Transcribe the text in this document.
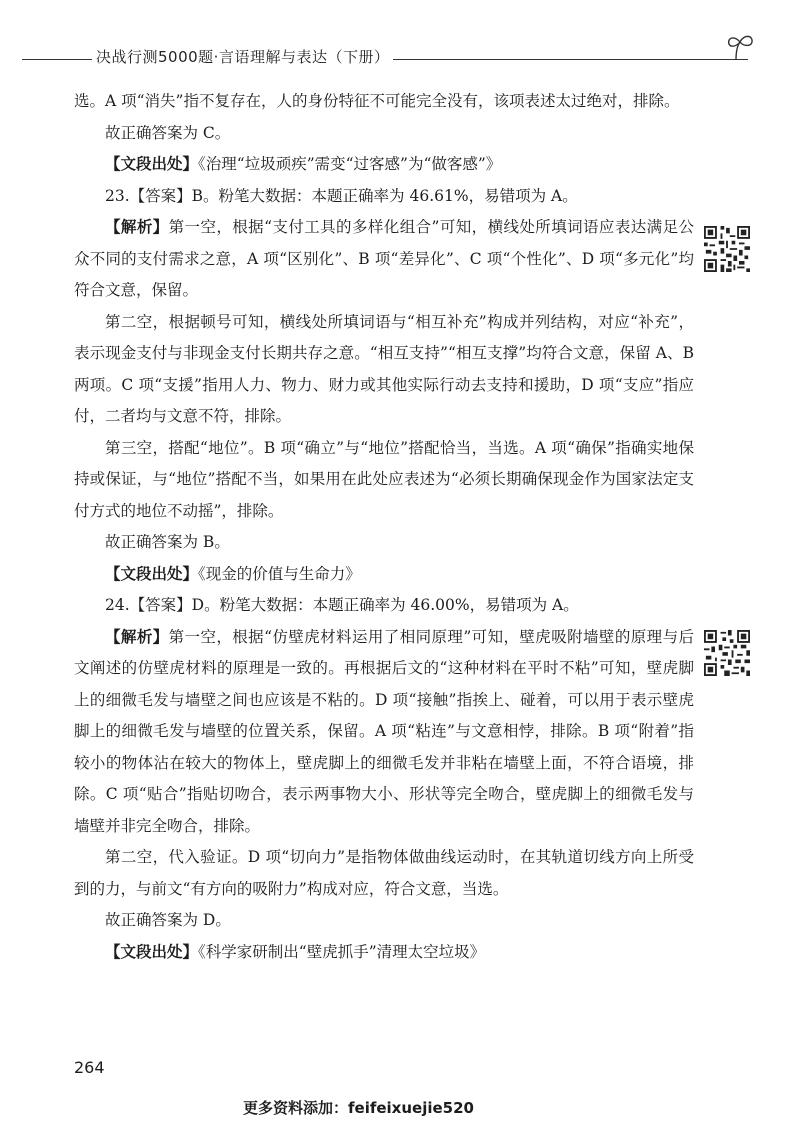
决战行测5000题·言语理解与表达（下册）

选。A 项“消失”指不复存在，人的身份特征不可能完全没有，该项表述太过绝对，排除。

故正确答案为 C。

【文段出处】《治理“垃圾顽疾”需变“过客感”为“做客感”》

23.【答案】B。粉笔大数据：本题正确率为 46.61%，易错项为 A。

【解析】第一空，根据“支付工具的多样化组合”可知，横线处所填词语应表达满足公众不同的支付需求之意，A 项“区别化”、B 项“差异化”、C 项“个性化”、D 项“多元化”均符合文意，保留。

第二空，根据顿号可知，横线处所填词语与“相互补充”构成并列结构，对应“补充”，表示现金支付与非现金支付长期共存之意。“相互支持”“相互支撑”均符合文意，保留 A、B 两项。C 项“支援”指用人力、物力、财力或其他实际行动去支持和援助，D 项“支应”指应付，二者均与文意不符，排除。

第三空，搭配“地位”。B 项“确立”与“地位”搭配恰当，当选。A 项“确保”指确实地保持或保证，与“地位”搭配不当，如果用在此处应表述为“必须长期确保现金作为国家法定支付方式的地位不动摇”，排除。

故正确答案为 B。

【文段出处】《现金的价值与生命力》

24.【答案】D。粉笔大数据：本题正确率为 46.00%，易错项为 A。

【解析】第一空，根据“仿壁虎材料运用了相同原理”可知，壁虎吸附墙壁的原理与后文阐述的仿壁虎材料的原理是一致的。再根据后文的“这种材料在平时不粘”可知，壁虎脚上的细微毛发与墙壁之间也应该是不粘的。D 项“接触”指挨上、碰着，可以用于表示壁虎脚上的细微毛发与墙壁的位置关系，保留。A 项“粘连”与文意相悖，排除。B 项“附着”指较小的物体沾在较大的物体上，壁虎脚上的细微毛发并非粘在墙壁上面，不符合语境，排除。C 项“贴合”指贴切吻合，表示两事物大小、形状等完全吻合，壁虎脚上的细微毛发与墙壁并非完全吻合，排除。

第二空，代入验证。D 项“切向力”是指物体做曲线运动时，在其轨道切线方向上所受到的力，与前文“有方向的吸附力”构成对应，符合文意，当选。

故正确答案为 D。

【文段出处】《科学家研制出“壁虎抓手”清理太空垃圾》

264
更多资料添加：feifeixuejie520
